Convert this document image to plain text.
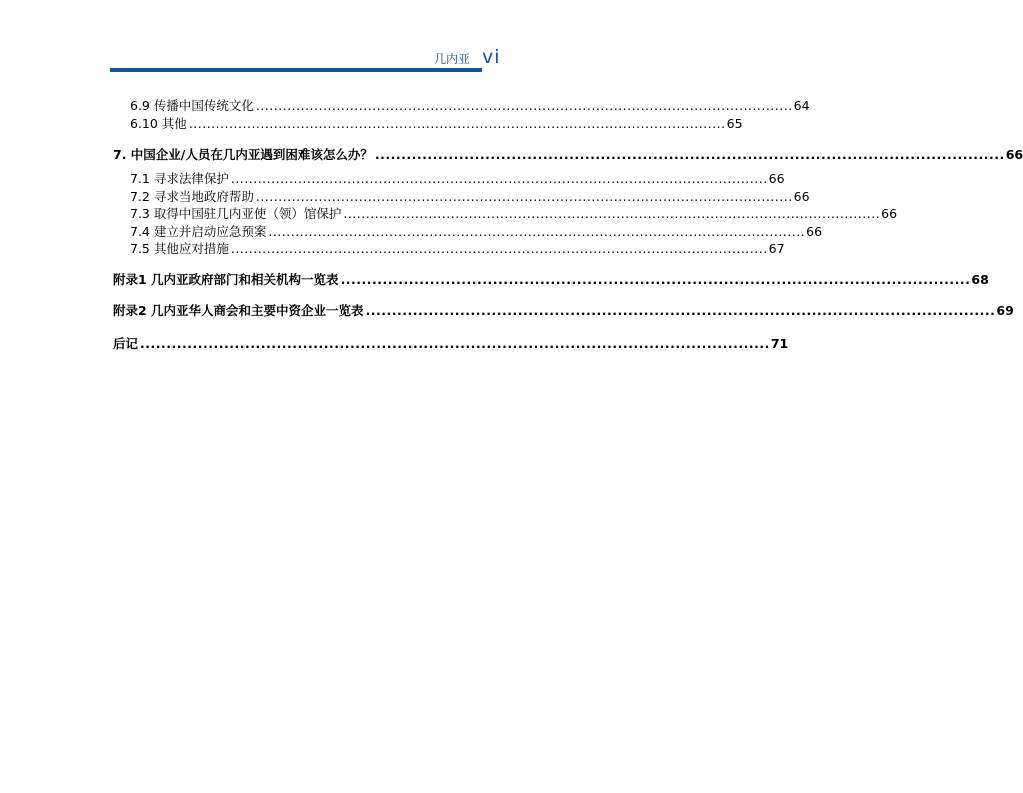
几内亚 vi
6.9 传播中国传统文化 ........................................................................................................................ 64
6.10 其他 ........................................................................................................................ 65
7. 中国企业/人员在几内亚遇到困难该怎么办？ ........................................................................................................................ 66
7.1 寻求法律保护 ........................................................................................................................ 66
7.2 寻求当地政府帮助 ........................................................................................................................ 66
7.3 取得中国驻几内亚使（领）馆保护 ........................................................................................................................ 66
7.4 建立并启动应急预案 ........................................................................................................................ 66
7.5 其他应对措施 ........................................................................................................................ 67
附录1 几内亚政府部门和相关机构一览表 ........................................................................................................................ 68
附录2 几内亚华人商会和主要中资企业一览表 ........................................................................................................................ 69
后记 ........................................................................................................................ 71
